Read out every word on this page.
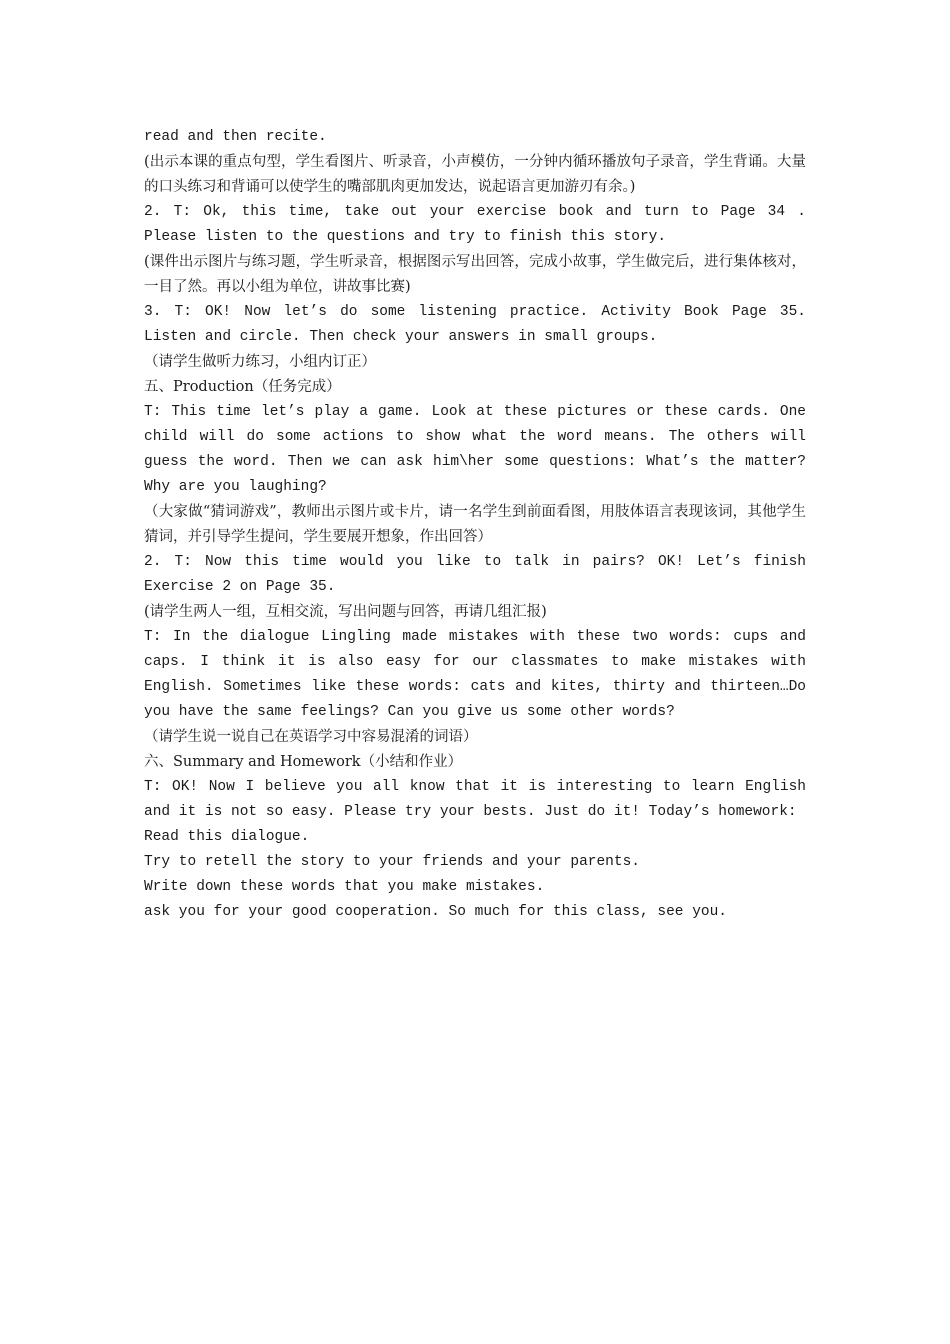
read and then recite.

(出示本课的重点句型，学生看图片、听录音，小声模仿，一分钟内循环播放句子录音，学生背诵。大量的口头练习和背诵可以使学生的嘴部肌肉更加发达，说起语言更加游刃有余。)

2. T: Ok, this time, take out your exercise book and turn to Page 34 . Please listen to the questions and try to finish this story.

(课件出示图片与练习题，学生听录音，根据图示写出回答，完成小故事，学生做完后，进行集体核对，一目了然。再以小组为单位，讲故事比赛)

3. T: OK! Now let’s do some listening practice. Activity Book Page 35. Listen and circle. Then check your answers in small groups.

（请学生做听力练习，小组内订正）

五、Production（任务完成）

T: This time let’s play a game. Look at these pictures or these cards. One child will do some actions to show what the word means. The others will guess the word. Then we can ask him\her some questions: What’s the matter? Why are you laughing?

（大家做“猜词游戏”，教师出示图片或卡片，请一名学生到前面看图，用肢体语言表现该词，其他学生猜词，并引导学生提问，学生要展开想象，作出回答）

2. T: Now this time would you like to talk in pairs? OK! Let’s finish Exercise 2 on Page 35.

(请学生两人一组，互相交流，写出问题与回答，再请几组汇报)

T: In the dialogue Lingling made mistakes with these two words: cups and caps. I think it is also easy for our classmates to make mistakes with English. Sometimes like these words: cats and kites, thirty and thirteen…Do you have the same feelings? Can you give us some other words?

（请学生说一说自己在英语学习中容易混淆的词语）

六、Summary and Homework（小结和作业）

T: OK! Now I believe you all know that it is interesting to learn English and it is not so easy. Please try your bests. Just do it! Today’s homework:

Read this dialogue.

Try to retell the story to your friends and your parents.

Write down these words that you make mistakes.

ask you for your good cooperation. So much for this class, see you.
